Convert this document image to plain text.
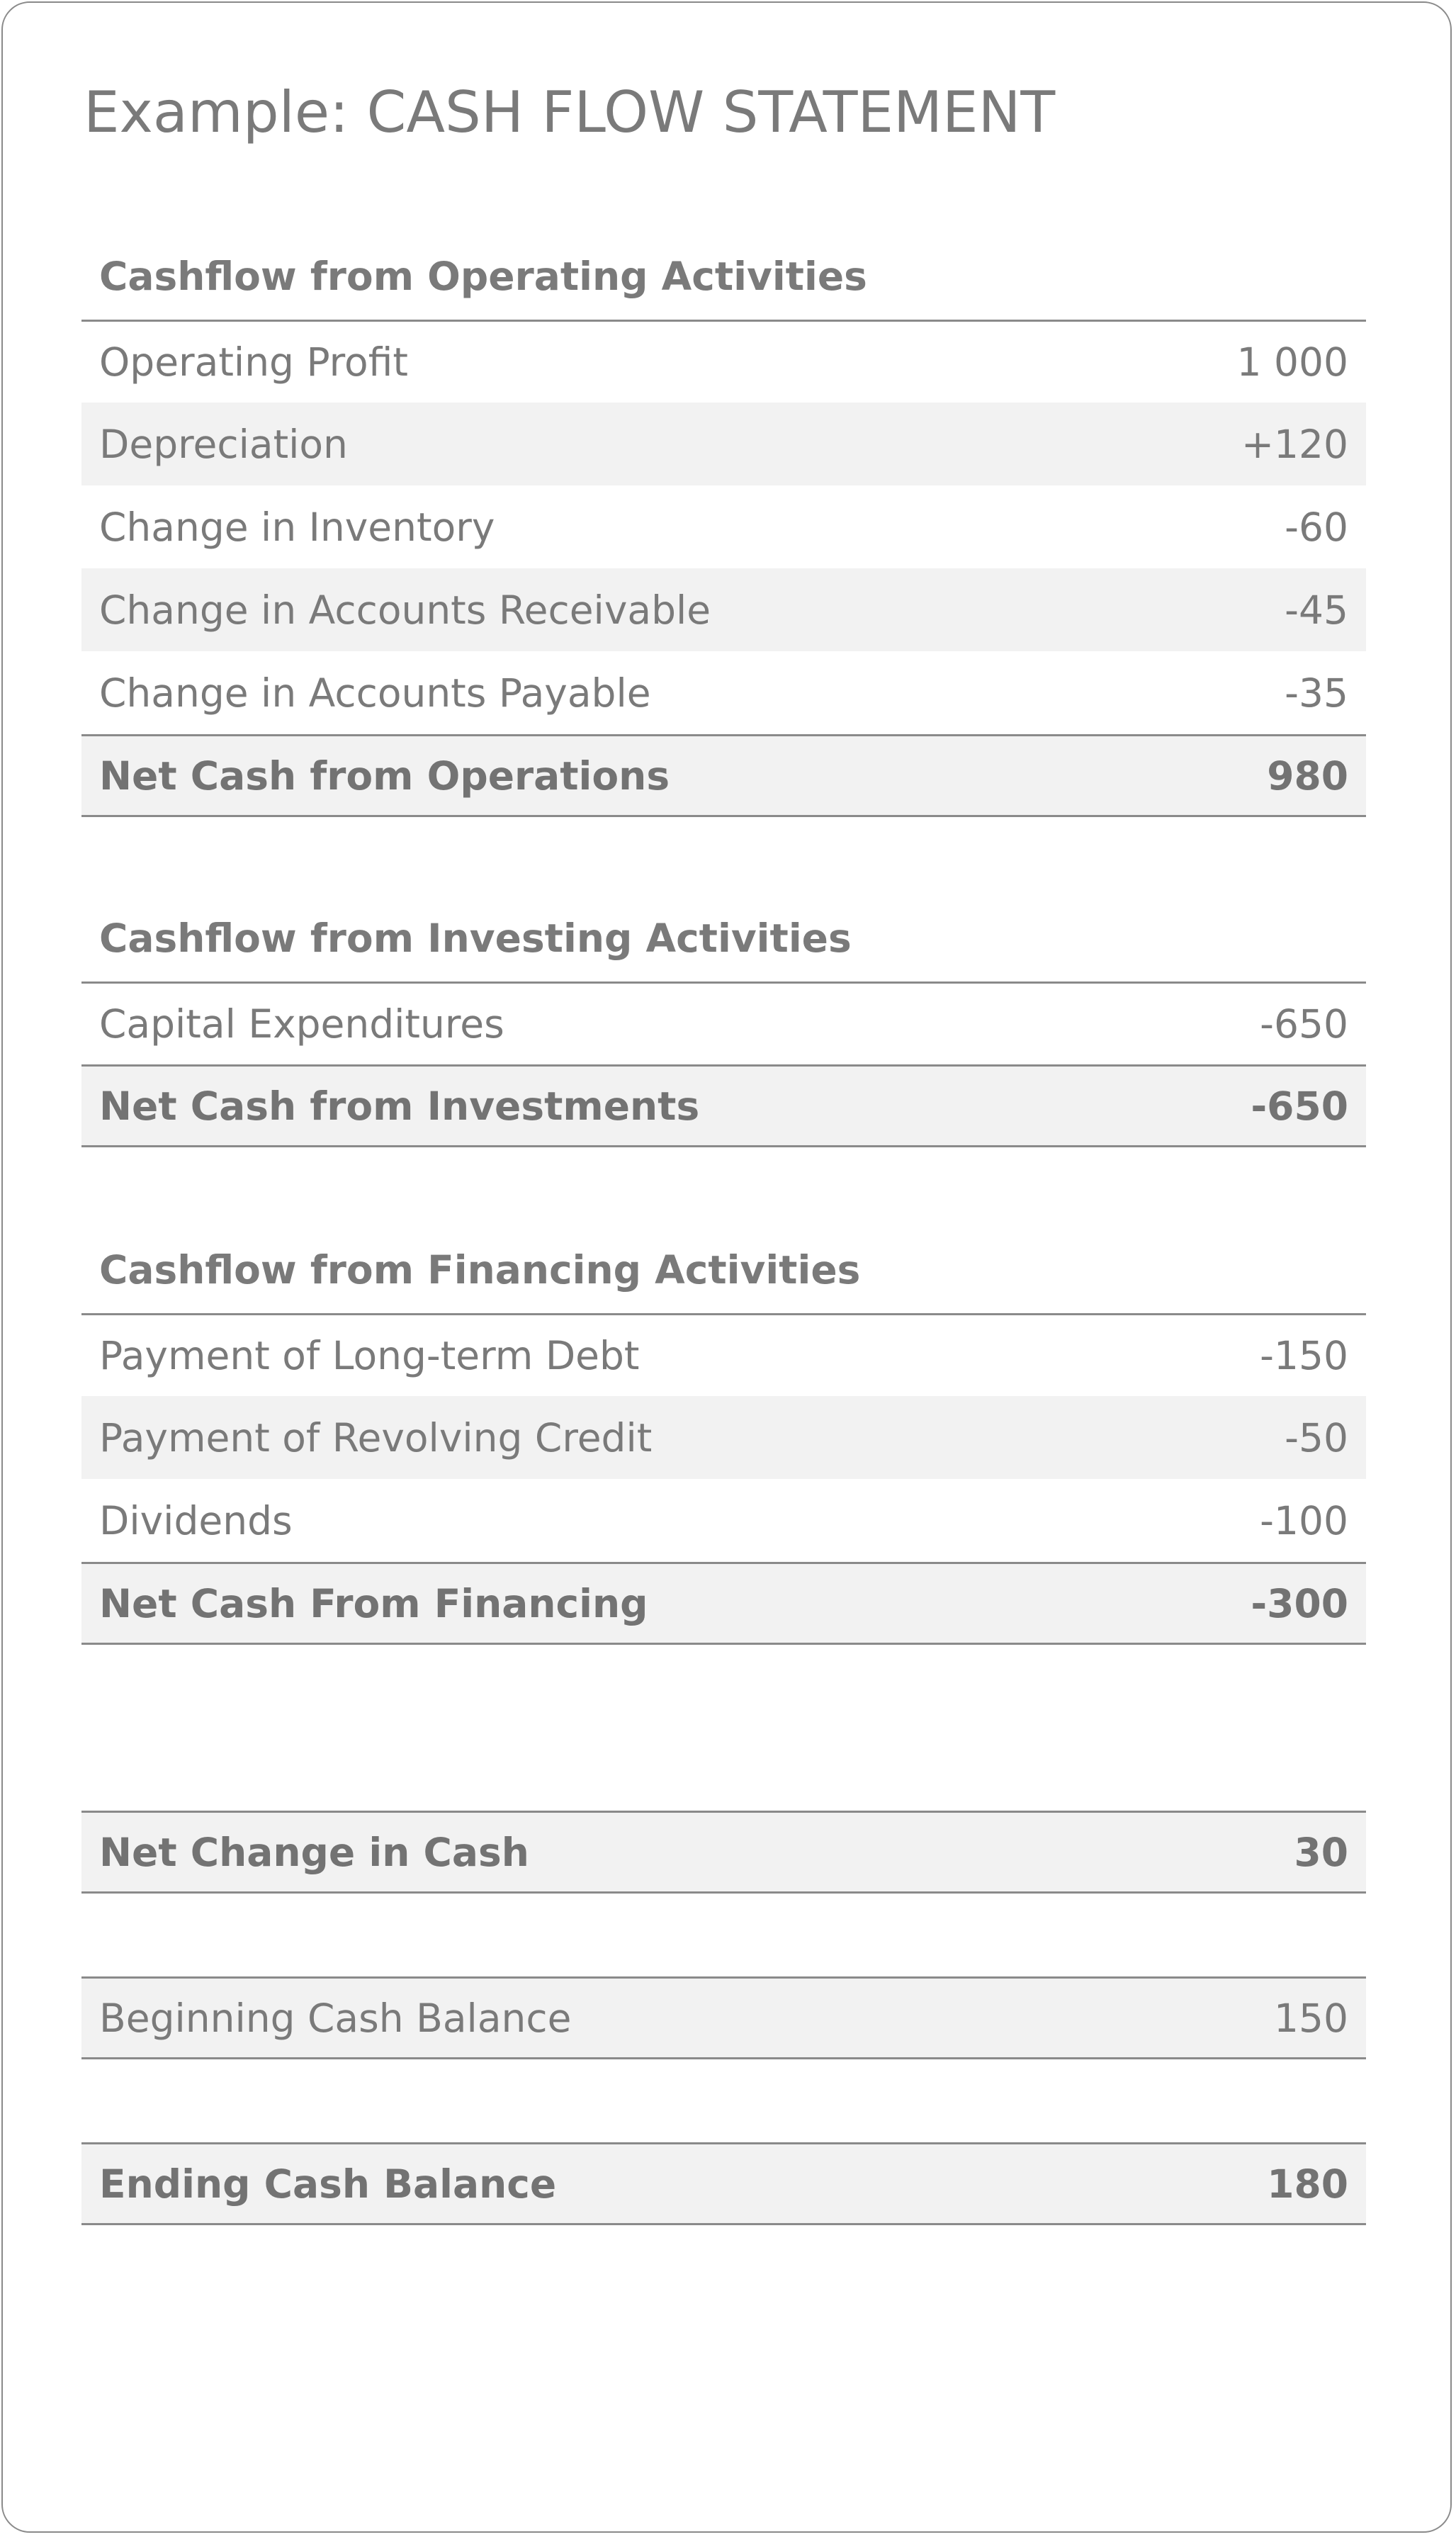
Example: CASH FLOW STATEMENT
Cashflow from Operating Activities
Operating Profit	1 000
Depreciation	+120
Change in Inventory	-60
Change in Accounts Receivable	-45
Change in Accounts Payable	-35
Net Cash from Operations	980
Cashflow from Investing Activities
Capital Expenditures	-650
Net Cash from Investments	-650
Cashflow from Financing Activities
Payment of Long-term Debt	-150
Payment of Revolving Credit	-50
Dividends	-100
Net Cash From Financing	-300
Net Change in Cash	30
Beginning Cash Balance	150
Ending Cash Balance	180
